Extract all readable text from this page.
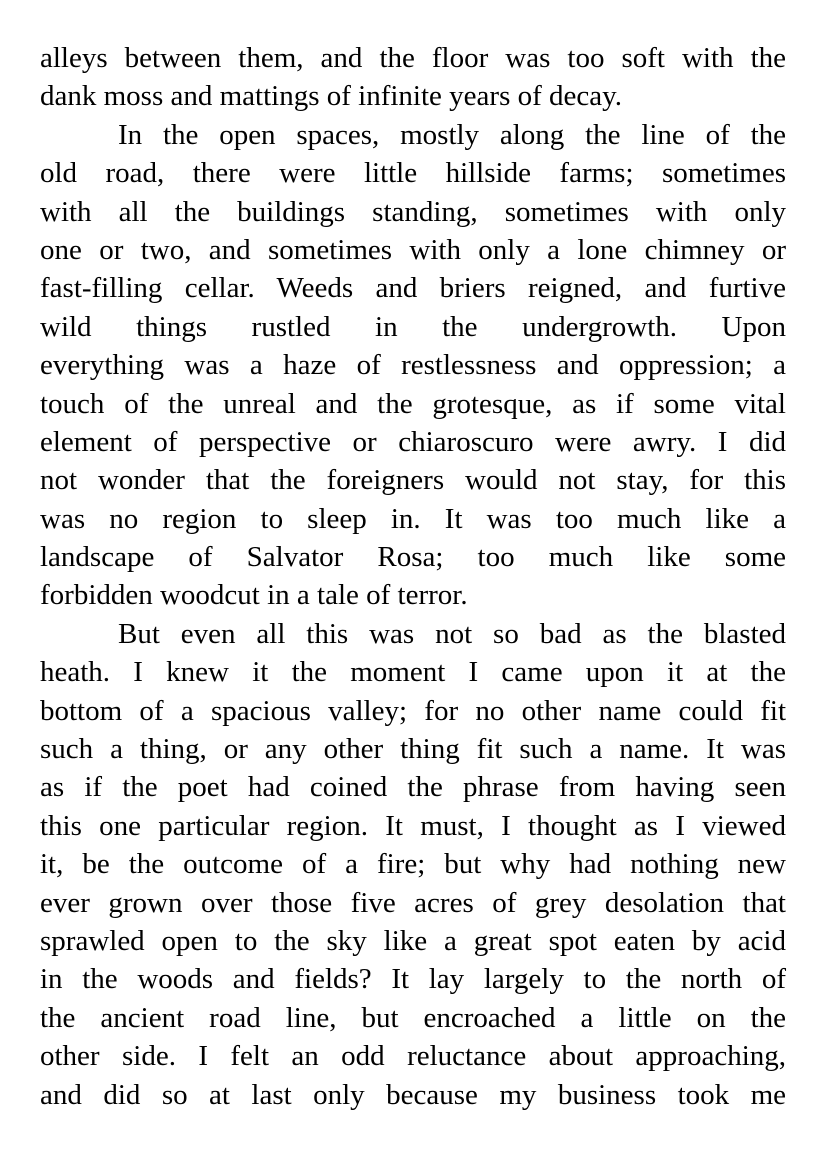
alleys between them, and the floor was too soft with the
dank moss and mattings of infinite years of decay.
In the open spaces, mostly along the line of the
old road, there were little hillside farms; sometimes
with all the buildings standing, sometimes with only
one or two, and sometimes with only a lone chimney or
fast-filling cellar. Weeds and briers reigned, and furtive
wild things rustled in the undergrowth. Upon
everything was a haze of restlessness and oppression; a
touch of the unreal and the grotesque, as if some vital
element of perspective or chiaroscuro were awry. I did
not wonder that the foreigners would not stay, for this
was no region to sleep in. It was too much like a
landscape of Salvator Rosa; too much like some
forbidden woodcut in a tale of terror.
But even all this was not so bad as the blasted
heath. I knew it the moment I came upon it at the
bottom of a spacious valley; for no other name could fit
such a thing, or any other thing fit such a name. It was
as if the poet had coined the phrase from having seen
this one particular region. It must, I thought as I viewed
it, be the outcome of a fire; but why had nothing new
ever grown over those five acres of grey desolation that
sprawled open to the sky like a great spot eaten by acid
in the woods and fields? It lay largely to the north of
the ancient road line, but encroached a little on the
other side. I felt an odd reluctance about approaching,
and did so at last only because my business took me
